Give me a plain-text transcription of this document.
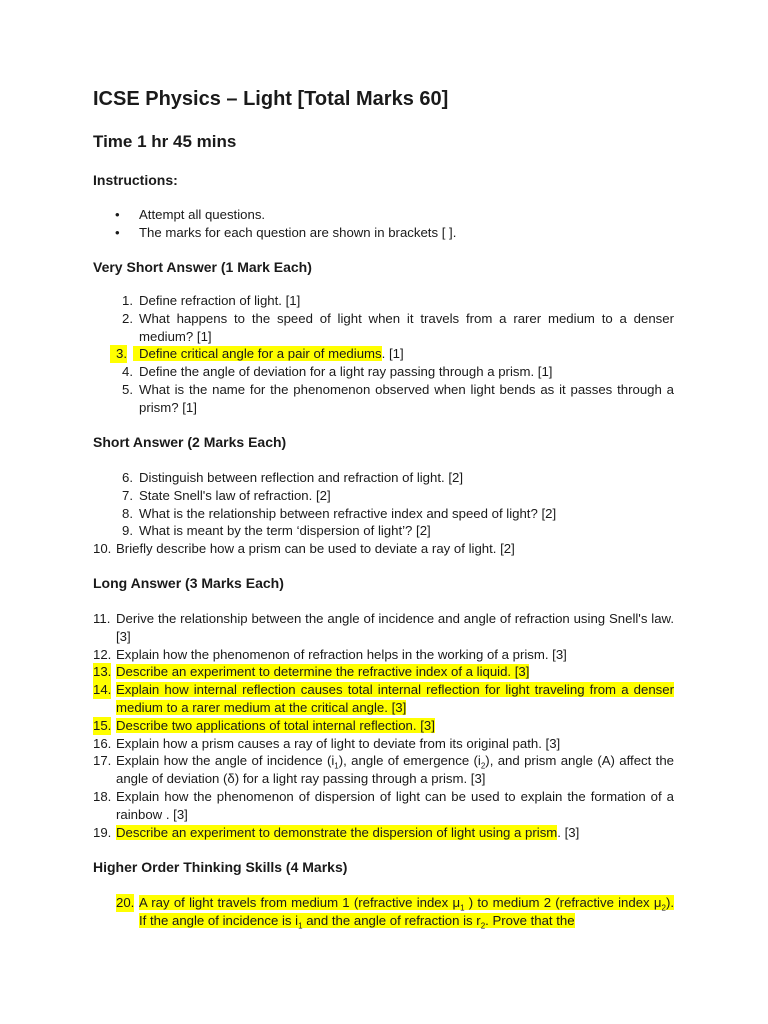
ICSE Physics – Light [Total Marks 60]
Time 1 hr 45 mins
Instructions:
• Attempt all questions.
• The marks for each question are shown in brackets [ ].
Very Short Answer (1 Mark Each)
1. Define refraction of light. [1]
2. What happens to the speed of light when it travels from a rarer medium to a denser medium? [1]
3. Define critical angle for a pair of mediums. [1]
4. Define the angle of deviation for a light ray passing through a prism. [1]
5. What is the name for the phenomenon observed when light bends as it passes through a prism? [1]
Short Answer (2 Marks Each)
6. Distinguish between reflection and refraction of light. [2]
7. State Snell's law of refraction. [2]
8. What is the relationship between refractive index and speed of light? [2]
9. What is meant by the term ‘dispersion of light’? [2]
10. Briefly describe how a prism can be used to deviate a ray of light. [2]
Long Answer (3 Marks Each)
11. Derive the relationship between the angle of incidence and angle of refraction using Snell's law. [3]
12. Explain how the phenomenon of refraction helps in the working of a prism. [3]
13. Describe an experiment to determine the refractive index of a liquid. [3]
14. Explain how internal reflection causes total internal reflection for light traveling from a denser medium to a rarer medium at the critical angle. [3]
15. Describe two applications of total internal reflection. [3]
16. Explain how a prism causes a ray of light to deviate from its original path. [3]
17. Explain how the angle of incidence $(i_1)$, angle of emergence $(i_2)$, and prism angle (A) affect the angle of deviation (δ) for a light ray passing through a prism. [3]
18. Explain how the phenomenon of dispersion of light can be used to explain the formation of a rainbow . [3]
19. Describe an experiment to demonstrate the dispersion of light using a prism. [3]
Higher Order Thinking Skills (4 Marks)
20. A ray of light travels from medium 1 (refractive index $\mu_1$ ) to medium 2 (refractive index $\mu_2$). If the angle of incidence is $i_1$ and the angle of refraction is $r_2$. Prove that the
